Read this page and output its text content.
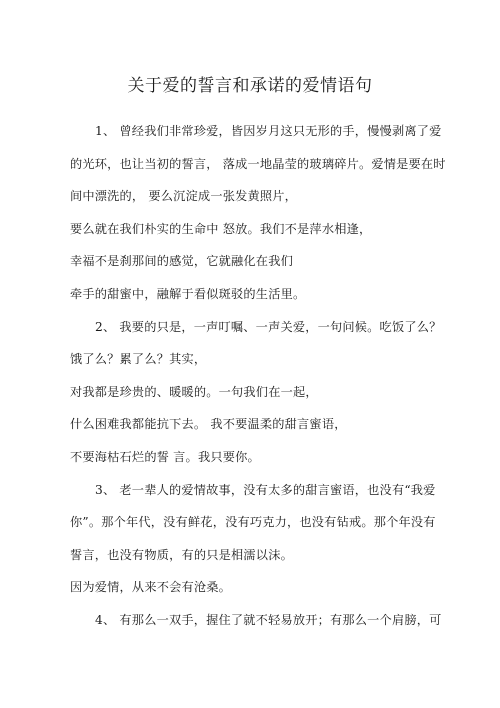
关于爱的誓言和承诺的爱情语句
1、 曾经我们非常珍爱，皆因岁月这只无形的手，慢慢剥离了爱
的光环，也让当初的誓言， 落成一地晶莹的玻璃碎片。爱情是要在时
间中漂洗的， 要么沉淀成一张发黄照片，
要么就在我们朴实的生命中 怒放。我们不是萍水相逢，
幸福不是刹那间的感觉，它就融化在我们
牵手的甜蜜中，融解于看似斑驳的生活里。
2、 我要的只是，一声叮嘱、一声关爱，一句问候。吃饭了么？
饿了么？累了么？其实，
对我都是珍贵的、暖暖的。一句我们在一起，
什么困难我都能抗下去。 我不要温柔的甜言蜜语，
不要海枯石烂的誓 言。我只要你。
3、 老一辈人的爱情故事，没有太多的甜言蜜语，也没有“我爱
你”。那个年代，没有鲜花，没有巧克力，也没有钻戒。那个年没有
誓言，也没有物质，有的只是相濡以沫。
因为爱情，从来不会有沧桑。
4、 有那么一双手，握住了就不轻易放开；有那么一个肩膀，可
